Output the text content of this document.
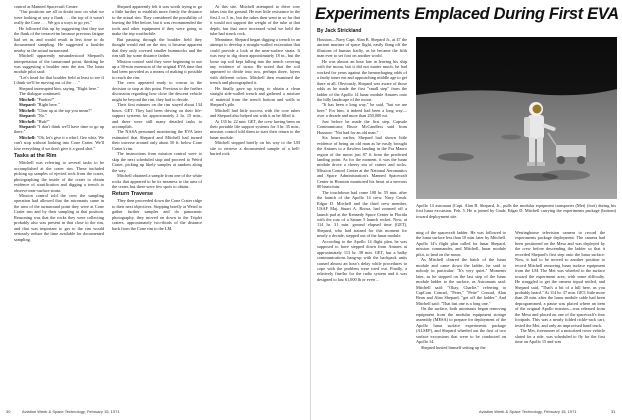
control at Manned Spacecraft Center:

"Our positions are all in doubt now on what we were looking at way a flank . . . the top of it wasn't really the Cone . . . We got a ways to go yet."

He followed this up by suggesting that they use the flank of the terrace/rim because previous fatigue had set in, and would result in less time to do documented sampling. He suggested a boulder nearby as the actual turnaround.

Mitchell apparently misunderstood Shepard's interpretation of the turnaround point, thinking he was suggesting a boulder near the rim. The lunar module pilot said:

"Let's head for that boulder field at least to see if I think we'll be moving out of the . . ."

Shepard interrupted him, saying, "Right here."

The dialogue continued:

Mitchell: "Pardon?"

Shepard: "Right here."

Mitchell: "Clear up at the top you mean?"

Shepard: "No."

Mitchell: "Huh?"

Shepard: "I don't think we'll have time to go up there."

Mitchell: "Oh, let's give it a whirl. Gee whiz. We can't stop without looking into Cone Crater. We'll lose everything if we don't give it a good shot."

Tasks at the Rim

Mitchell was referring to several tasks to be accomplished at the crater rim. These included picking up samples of ejected rock from the crater, photographing the inside of the crater to obtain evidence of stratification and digging a trench to observe near-surface strata.

Mission control told the crew the sampling operation had allowed that the astronauts came in the area of the turnaround point they were at Cone Crater rim and by their sampling at that position. Reasoning was that the rocks they were collecting probably also was present in that close to the rim, and that was important to get to the rim would seriously reduce the time available for documented sampling.

Shepard apparently felt it was worth trying to go a little further to establish more firmly the distance to the actual rim. They considered the possibility of leaving the Met before, but it was recommended the tools and other equipment if they were going to make the trip worthwhile.

But pausing through the boulder field they thought would end on the rim, it became apparent that they only covered smaller hummocks and the rim still lay some distance farther.

Mission control said they were beginning to use up a 30-min extension of the original EVA time that had been provided as a means of making it possible to reach the rim.

The crew appeared ready to concur in the decision to stop at this point. Previous to the further discussion regarding how close the descent vehicle might be beyond the rim, they had to decide.

Their first minutes on the rim stayed about 134 hours. GET. They had been driving on their life-support systems for approximately 2 hr. 15 min., and there were still many detailed tasks to accomplish.

The NASA personnel monitoring the EVA later estimated that Shepard and Mitchell had turned their traverse around only about 50 ft. below Cone Crater's rim.

The instructions from mission control were to skip the next scheduled stop and proceed to Weird Crater, picking up likely samples at random along the way.

Mitchell obtained a sample from one of the white rocks that appeared to be its nearness to the area of the crater, but there were few spots to obtain.

Return Traverse

They then proceeded down the Cone Crater ridge to their next objectives. Stopping briefly at Weird to gather further samples and do panoramic photography, they moved on down to the Triplet craters, approximately two-thirds of the distance back from the Cone rim to the LM.

At this site, Mitchell attempted to drive core tubes into the ground. He met little resistance in the first 2 or 3 in., but the tubes then went in so far that it would not support the weight of the tube at that depth, but that once increased wind we held the tube had struck rock.

Meantime, Shepard began digging a trench in an attempt to develop a straight-walled excavation that could provide a look at the near-surface strata. It was easy to dig down approximately 18 in., but the loose top soil kept falling into the trench covering any evidence of strata. He noted that the soil appeared to divide into two, perhaps three, layers with different colors. Mitchell then examined the trench and photographed it.

He finally gave up trying to obtain a clean straight side-walled trench and gathered a mixture of material from the trench bottom and walls to Shepard's pile.

Mitchell had little success with the core tubes and Shepard also helped out with it as he filled it.

At 135 hr. 22 min. GET, the crew having been on their portable life support systems for 3 hr. 35 min., mission control told them to start their return to the lunar module.

Mitchell stopped briefly on his way to the LM site to retrieve a documented sample of a bell-buried rock

30	Aviation Week & Space Technology, February 15, 1971
Experiments Emplaced During First EVA
By Jack Strickland

Houston—Navy Capt. Alan B. Shepard Jr., at 47 the ancient mariner of space flight, easily flung off the illusions of human frailty, as he became the fifth man ever to set foot on another world.

He was almost an hour late in leaving his ship with the moon, but it did not matter much; he had worked for years against the hemorrhaging odds of a faulty inner ear and approaching middle age to get there at all. Obviously, Shepard was aware of those odds as he made the first "small step" from the ladder of the Apollo 14 lunar module Antares onto the hilly landscape of the moon.

"It has been a long way," he said, "but we are here." For him, it indeed had been a long way—over a decade and more than 250,000 mi.

Just before he made the first step, Capsule Communicator Bruce McCandless said from Houston: "Not bad for an old man."

Six hours earlier, Shepard had shown little evidence of being an old man as he easily brought the Antares to a flawless landing in the Fra Mauro region of the moon just 87 ft from the predicted landing point. As for the moment, it was the lunar module drove a cheery sea of craters and rocks. Mission Control Center at the National Aeronautics and Space Administration's Manned Spacecraft Center in Houston monitored his heart at a nervous 80 beats/min.

The touchdown had come 108 hr. 55 min. after the launch of the Apollo 14 crew. Navy Cmdr. Edgar D. Mitchell and the third crew member, USAF Maj. Stuart A. Roosa, had zoomed off a launch pad at the Kennedy Space Center in Florida with the roar of a Saturn 5 launch rocket. Now, at 114 hr. 31 min. ground elapsed time (GET), Shepard, who had trained for this moment for nearly a decade, stepped out of the lunar module.

According to the Apollo 14 flight plan, he was supposed to have stepped down from Antares at approximately 113 hr. 38 min. GET, but a balky communications hang-up with the backpack units caused almost an hour's delay while procedures to cope with the problem were tried out. Finally, a relatively fine/ho for the radio system and it was designed to last 61,000 lb or even ...

Apollo 14 astronaut (Capt. Alan B. Shepard, Jr., pulls the modular equipment transporter (Met) (foot) during his first lunar excursion. Feb. 5. He is joined by Cmdr. Edgar D. Mitchell carrying the experiments package (bottom) toward deployment site.

ning of the spacecraft ladder. He was followed to the lunar surface less than 10 min. later by Mitchell. Apollo 14's flight plan called for lunar Shepard, mission commander, and Mitchell, lunar module pilot, to land on the moon.

As Mitchell cleared the hatch of the lunar module and came down the ladder, he said to nobody in particular: "It's very quiet." Moments later, as he stepped on the last step of the lunar module ladder to the surface, as Astronauts said: Mitchell said: "Okay, Charlie," referring to CapCom Conrad, "Peter," "Petie" Conrad, Alan Bean and Alan Shepard, "get off the ladder." And Mitchell said: "That last one is a long one."

On the surface, both astronauts began removing equipment from the modular equipment storage assembly (MESA) to prepare for deployment of the Apollo lunar surface experiments package (ALSEP), and Shepard wheeled out the first of two surface excursions that were to be conducted on Apollo 14.

Shepard busied himself setting up the

Westinghouse television camera to record the experiments package deployment. The camera had been positioned on the Mesa and was deployed by the crew before descending the ladder so that it recorded Shepard's first step onto the lunar surface. Now, it had to be moved to another position to record Mitchell removing lunar surface equipment from the LM. The Met was wheeled to the surface toward the experiment area, with some difficulty. He struggled to get the camera tripod settled, and Shepard said, "That's a bit of a hill here, as you probably heard." At 114 hr. 37 min. GET, little more than 20 min. after the lunar module cable had been deprogrammed, a pause was placed where an item of the original Apollo mission—was released from the Mesa and placed on one of the spacecraft's four footpads. This was a nearly folded rickle-rack cart, tested the Met, and only an improvised hand truck.

The Met, forerunner of a motorized rover vehicle slated for a ride, was scheduled to fly for the first time on Apollo 15 and was

Aviation Week & Space Technology, February 15, 1971	31
